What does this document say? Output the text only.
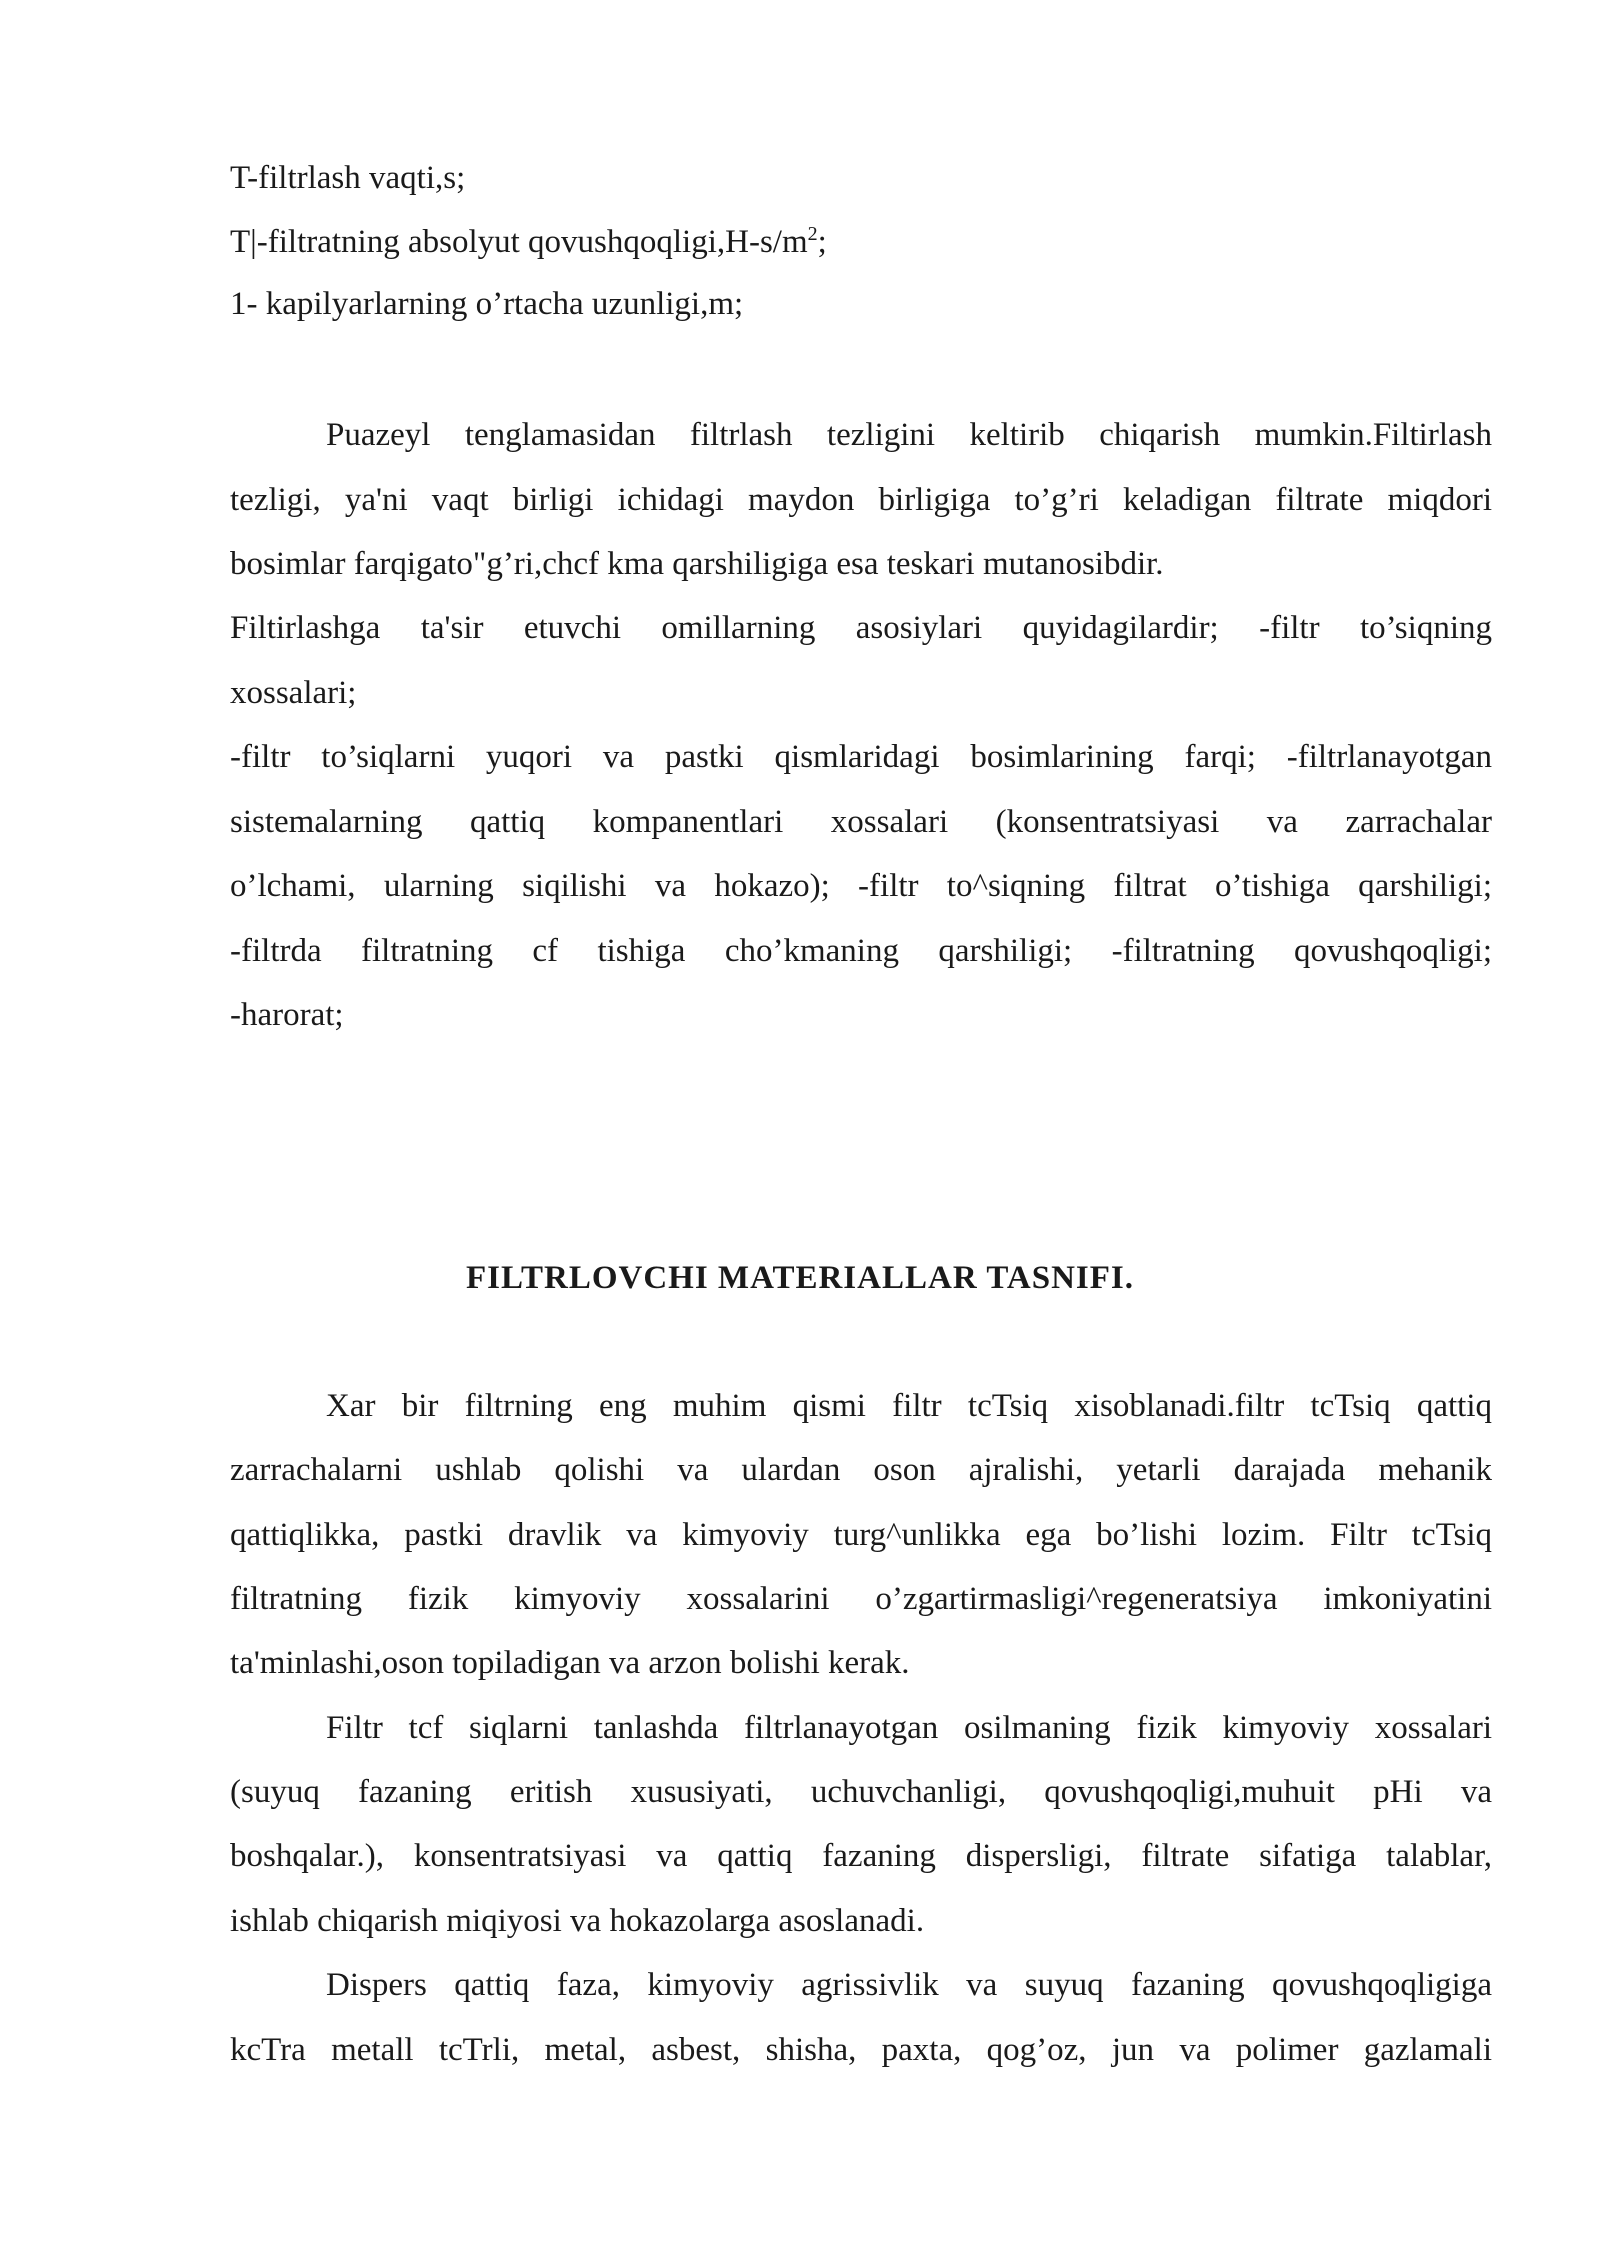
T-filtrlash vaqti,s;
T|-filtratning absolyut $qovushqoqligi,H-s/m^2$;
1- kapilyarlarning o’rtacha uzunligi,m;
Puazeyl tenglamasidan filtrlash tezligini keltirib chiqarish mumkin.Filtirlash
tezligi, ya'ni vaqt birligi ichidagi maydon birligiga to’g’ri keladigan filtrate miqdori
bosimlar farqigato"g’ri,chcf kma qarshiligiga esa teskari mutanosibdir.
Filtirlashga ta'sir etuvchi omillarning asosiylari quyidagilardir; -filtr to’siqning
xossalari;
-filtr to’siqlarni yuqori va pastki qismlaridagi bosimlarining farqi; -filtrlanayotgan
sistemalarning qattiq kompanentlari xossalari (konsentratsiyasi va zarrachalar
o’lchami, ularning siqilishi va hokazo); -filtr to^siqning filtrat o’tishiga qarshiligi;
-filtrda filtratning cf tishiga cho’kmaning qarshiligi; -filtratning qovushqoqligi;
-harorat;
FILTRLOVCHI MATERIALLAR TASNIFI.
Xar bir filtrning eng muhim qismi filtr tcTsiq xisoblanadi.filtr tcTsiq qattiq
zarrachalarni ushlab qolishi va ulardan oson ajralishi, yetarli darajada mehanik
qattiqlikka, pastki dravlik va kimyoviy turg^unlikka ega bo’lishi lozim. Filtr tcTsiq
filtratning fizik kimyoviy xossalarini o’zgartirmasligi^regeneratsiya imkoniyatini
ta'minlashi,oson topiladigan va arzon bolishi kerak.
Filtr tcf siqlarni tanlashda filtrlanayotgan osilmaning fizik kimyoviy xossalari
(suyuq fazaning eritish xususiyati, uchuvchanligi, qovushqoqligi,muhuit pHi va
boshqalar.), konsentratsiyasi va qattiq fazaning dispersligi, filtrate sifatiga talablar,
ishlab chiqarish miqiyosi va hokazolarga asoslanadi.
Dispers qattiq faza, kimyoviy agrissivlik va suyuq fazaning qovushqoqligiga
kcTra metall tcTrli, metal, asbest, shisha, paxta, qog’oz, jun va polimer gazlamali
